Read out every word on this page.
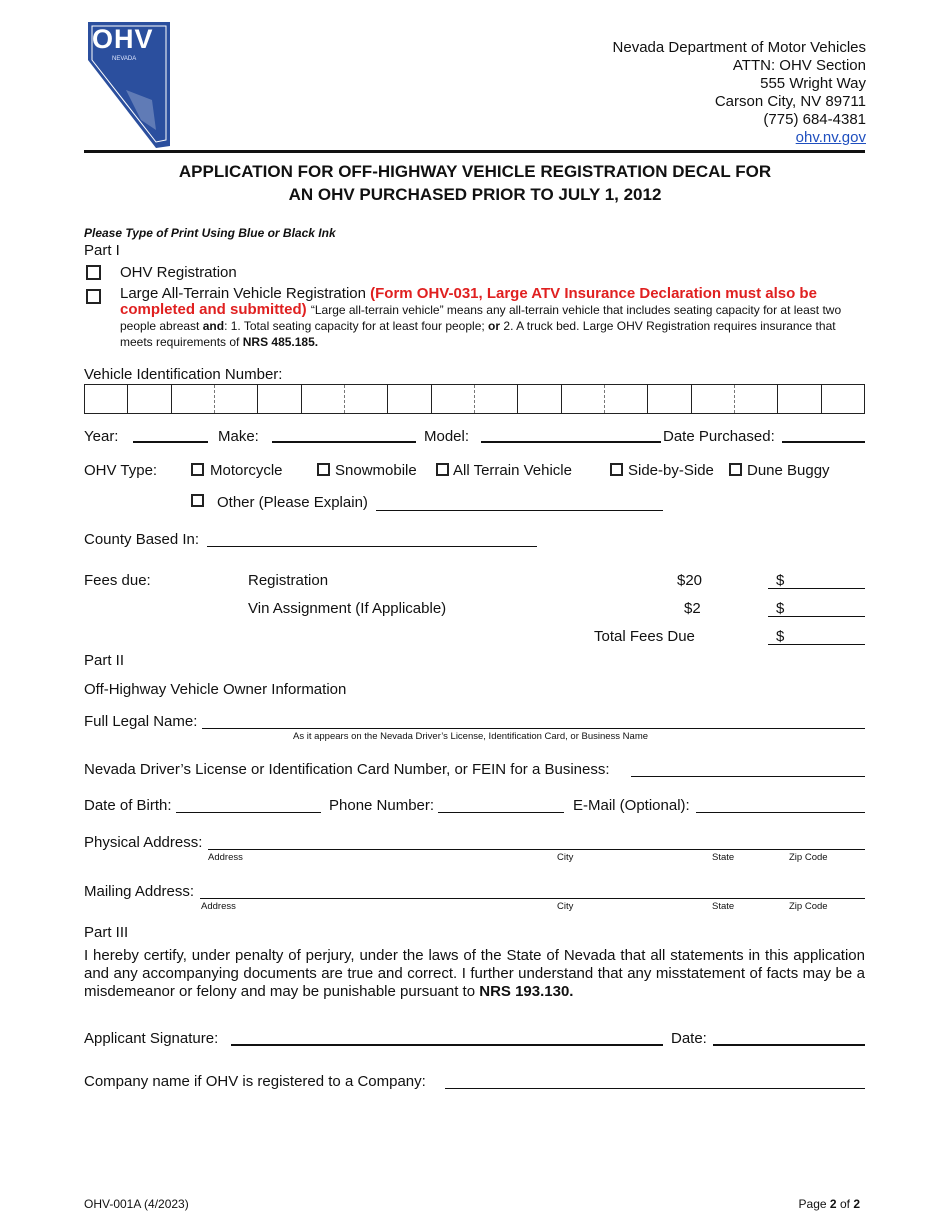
OHV
NEVADA
Nevada Department of Motor Vehicles
ATTN: OHV Section
555 Wright Way
Carson City, NV 89711
(775) 684-4381
ohv.nv.gov
APPLICATION FOR OFF-HIGHWAY VEHICLE REGISTRATION DECAL FOR
AN OHV PURCHASED PRIOR TO JULY 1, 2012
Please Type of Print Using Blue or Black Ink
Part I
OHV Registration
Large All-Terrain Vehicle Registration (Form OHV-031, Large ATV Insurance Declaration must also be completed and submitted) “Large all-terrain vehicle” means any all-terrain vehicle that includes seating capacity for at least two people abreast and: 1. Total seating capacity for at least four people; or 2. A truck bed. Large OHV Registration requires insurance that meets requirements of NRS 485.185.
Vehicle Identification Number:
Year:	Make:	Model:	Date Purchased:
OHV Type:	Motorcycle	Snowmobile All Terrain Vehicle	Side-by-Side Dune Buggy
Other (Please Explain)
County Based In:
Fees due:	Registration	$20	$
Vin Assignment (If Applicable)	$2	$
Total Fees Due	$
Part II
Off-Highway Vehicle Owner Information
Full Legal Name:
As it appears on the Nevada Driver’s License, Identification Card, or Business Name
Nevada Driver’s License or Identification Card Number, or FEIN for a Business:
Date of Birth:	Phone Number:	E-Mail (Optional):
Physical Address:
Address	City	State	Zip Code
Mailing Address:
Address	City	State	Zip Code
Part III
I hereby certify, under penalty of perjury, under the laws of the State of Nevada that all statements in this application and any accompanying documents are true and correct. I further understand that any misstatement of facts may be a misdemeanor or felony and may be punishable pursuant to NRS 193.130.
Applicant Signature:	Date:
Company name if OHV is registered to a Company:
OHV-001A (4/2023)	Page 2 of 2
